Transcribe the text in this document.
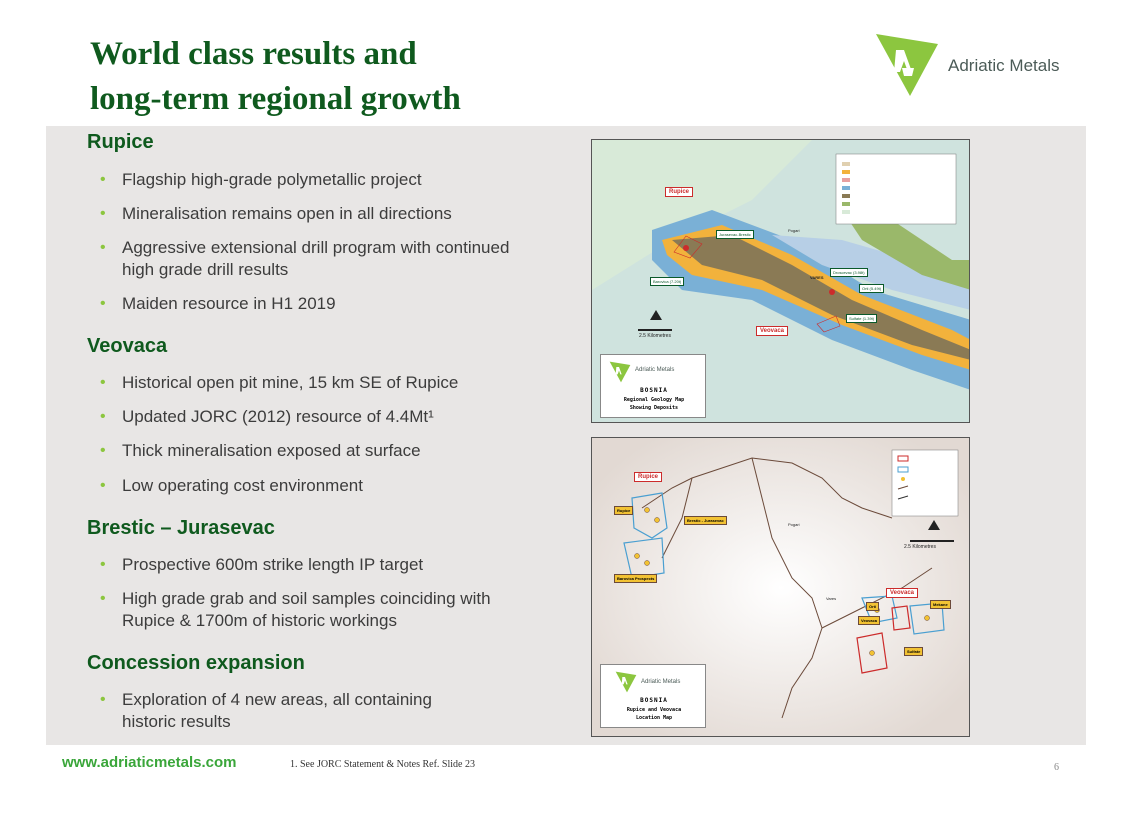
World class results and
long-term regional growth
Adriatic Metals
Rupice
• Flagship high-grade polymetallic project
• Mineralisation remains open in all directions
• Aggressive extensional drill program with continued high grade drill results
• Maiden resource in H1 2019
Veovaca
• Historical open pit mine, 15 km SE of Rupice
• Updated JORC (2012) resource of 4.4Mt¹
• Thick mineralisation exposed at surface
• Low operating cost environment
Brestic – Jurasevac
• Prospective 600m strike length IP target
• High grade grab and soil samples coinciding with Rupice & 1700m of historic workings
Concession expansion
• Exploration of 4 new areas, all containing historic results
Rupice
Veovaca
Jurasevac-Brestic
Barovica (7.20t)
Droscevac (3.98t)
Orti (5.49t)
Sulfate (1.39t)
VARES
Pogari
2.5 Kilometres
Adriatic Metals
BOSNIA
Regional Geology Map
Showing Deposits
Rupice
Veovaca
Rupice
Brestic - Jurasevac
Barovica Prospects
Orti
Veovaca
Mekane
Sulfate
Pogari
Vares
2.5 Kilometres
Adriatic Metals
BOSNIA
Rupice and Veovaca
Location Map
www.adriaticmetals.com	1. See JORC Statement & Notes Ref. Slide 23	6
